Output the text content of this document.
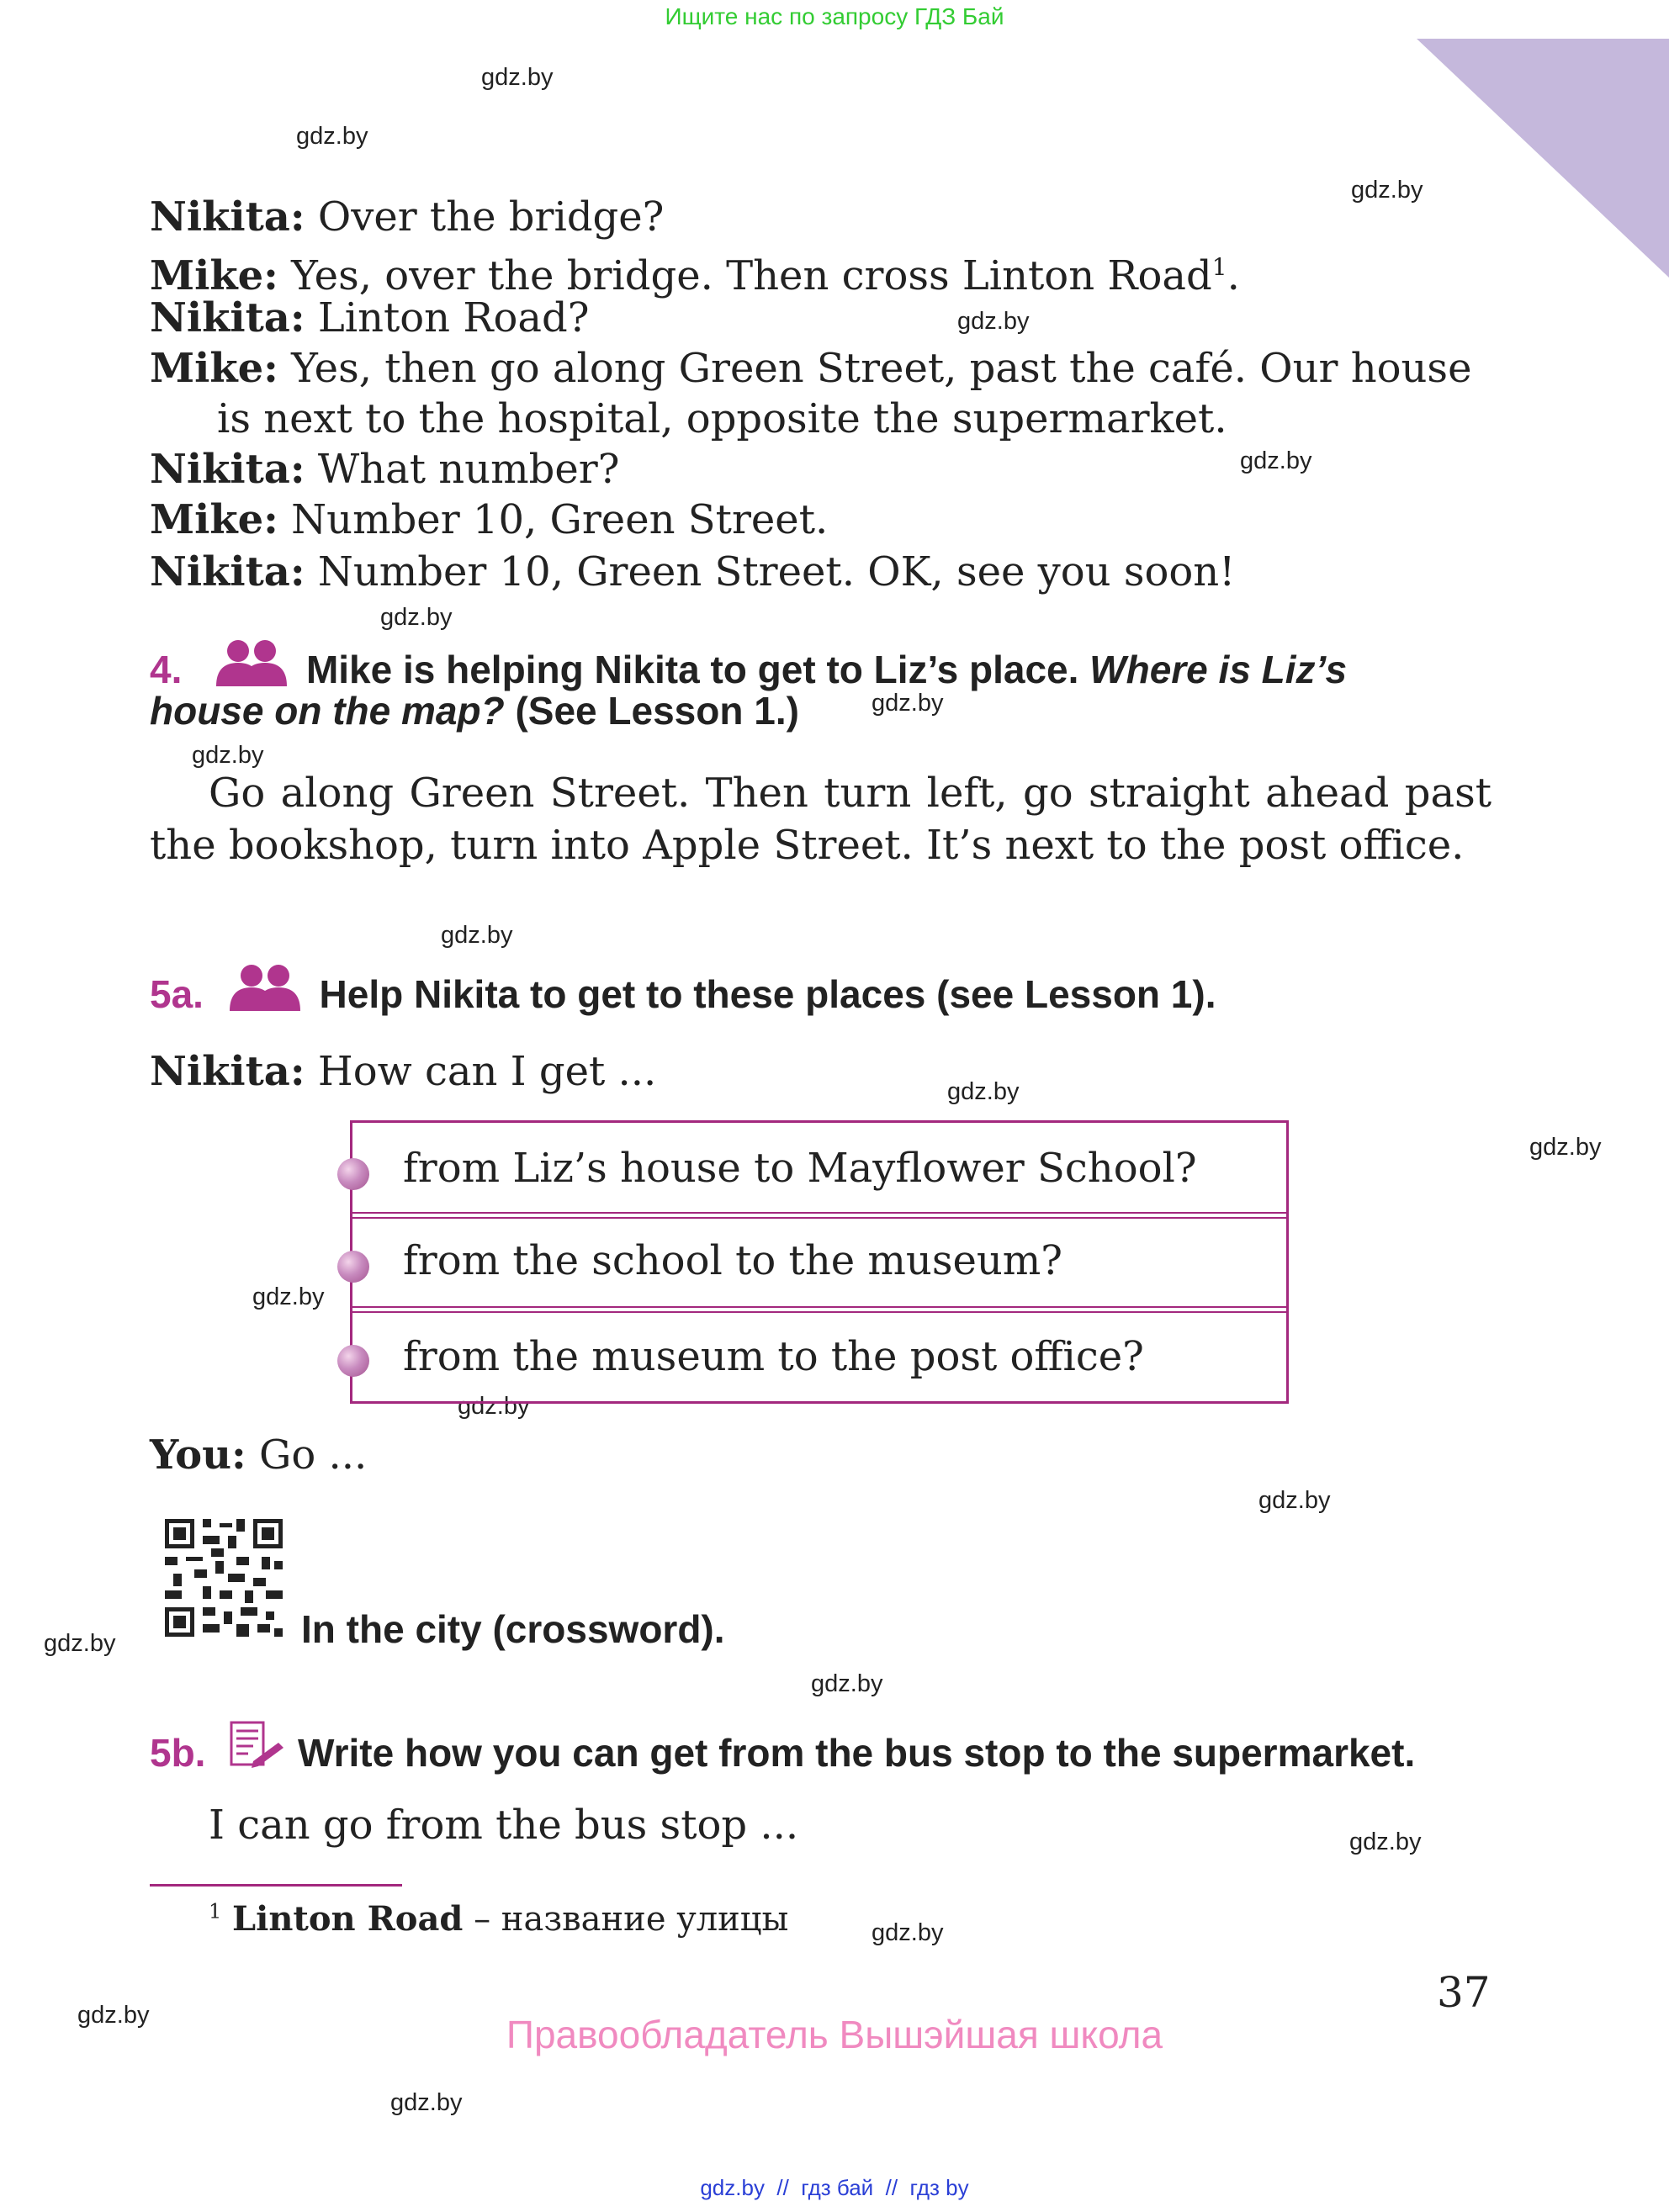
Ищите нас по запросу ГДЗ Бай
gdz.by
gdz.by
gdz.by
gdz.by
gdz.by
gdz.by
gdz.by
gdz.by
gdz.by
gdz.by
gdz.by
gdz.by
gdz.by
gdz.by
gdz.by
gdz.by
gdz.by
gdz.by
gdz.by
gdz.by
Nikita: Over the bridge?
Mike: Yes, over the bridge. Then cross Linton Road$^1$.
Nikita: Linton Road?
Mike: Yes, then go along Green Street, past the café. Our house
is next to the hospital, opposite the supermarket.
Nikita: What number?
Mike: Number 10, Green Street.
Nikita: Number 10, Green Street. OK, see you soon!
4.	Mike is helping Nikita to get to Liz’s place. Where is Liz’s
house on the map? (See Lesson 1.)
Go along Green Street. Then turn left, go straight ahead past the bookshop, turn into Apple Street. It’s next to the post office.
5a.	Help Nikita to get to these places (see Lesson 1).
Nikita: How can I get ...
from Liz’s house to Mayflower School?
from the school to the museum?
from the museum to the post office?
You: Go ...
In the city (crossword).
5b. Write how you can get from the bus stop to the supermarket.
I can go from the bus stop ...
$^1$ Linton Road – название улицы
37
Правообладатель Вышэйшая школа
gdz.by  //  гдз бай  //  гдз by
